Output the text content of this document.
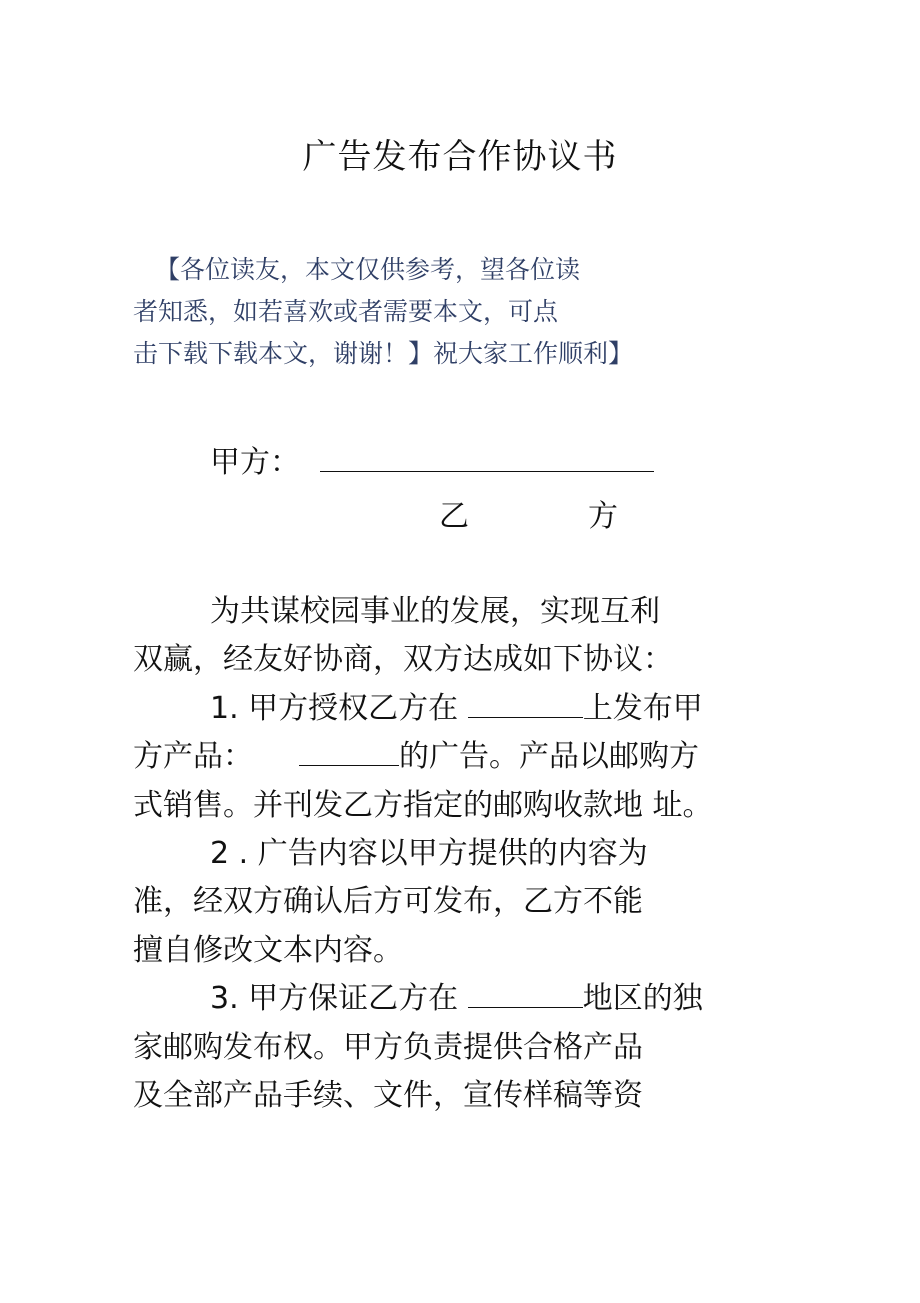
广告发布合作协议书
【各位读友，本文仅供参考，望各位读
者知悉，如若喜欢或者需要本文，可点
击下载下载本文，谢谢！】祝大家工作顺利】
甲方：
乙	方
为共谋校园事业的发展，实现互利
双赢，经友好协商，双方达成如下协议：
1. 甲方授权乙方在	上发布甲
方产品：	的广告。产品以邮购方
式销售。并刊发乙方指定的邮购收款地 址。
2 . 广告内容以甲方提供的内容为
准，经双方确认后方可发布，乙方不能
擅自修改文本内容。
3. 甲方保证乙方在	地区的独
家邮购发布权。甲方负责提供合格产品
及全部产品手续、文件，宣传样稿等资
